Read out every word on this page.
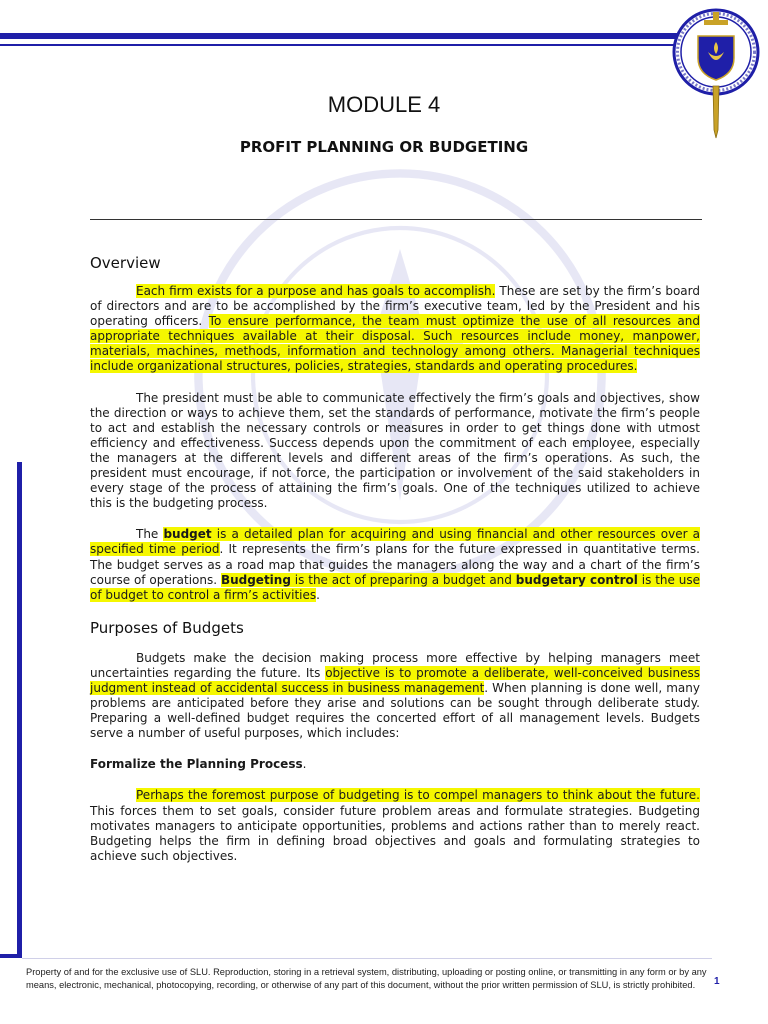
MODULE 4
PROFIT PLANNING OR BUDGETING
Overview

Each firm exists for a purpose and has goals to accomplish. These are set by the firm’s board of directors and are to be accomplished by the firm’s executive team, led by the President and his operating officers. To ensure performance, the team must optimize the use of all resources and appropriate techniques available at their disposal. Such resources include money, manpower, materials, machines, methods, information and technology among others. Managerial techniques include organizational structures, policies, strategies, standards and operating procedures.

The president must be able to communicate effectively the firm’s goals and objectives, show the direction or ways to achieve them, set the standards of performance, motivate the firm’s people to act and establish the necessary controls or measures in order to get things done with utmost efficiency and effectiveness. Success depends upon the commitment of each employee, especially the managers at the different levels and different areas of the firm’s operations. As such, the president must encourage, if not force, the participation or involvement of the said stakeholders in every stage of the process of attaining the firm’s goals. One of the techniques utilized to achieve this is the budgeting process.

The budget is a detailed plan for acquiring and using financial and other resources over a specified time period. It represents the firm’s plans for the future expressed in quantitative terms. The budget serves as a road map that guides the managers along the way and a chart of the firm’s course of operations. Budgeting is the act of preparing a budget and budgetary control is the use of budget to control a firm’s activities.

Purposes of Budgets

Budgets make the decision making process more effective by helping managers meet uncertainties regarding the future. Its objective is to promote a deliberate, well-conceived business judgment instead of accidental success in business management. When planning is done well, many problems are anticipated before they arise and solutions can be sought through deliberate study. Preparing a well-defined budget requires the concerted effort of all management levels. Budgets serve a number of useful purposes, which includes:

Formalize the Planning Process.

Perhaps the foremost purpose of budgeting is to compel managers to think about the future. This forces them to set goals, consider future problem areas and formulate strategies. Budgeting motivates managers to anticipate opportunities, problems and actions rather than to merely react. Budgeting helps the firm in defining broad objectives and goals and formulating strategies to achieve such objectives.

Property of and for the exclusive use of SLU. Reproduction, storing in a retrieval system, distributing, uploading or posting online, or transmitting in any form or by any means, electronic, mechanical, photocopying, recording, or otherwise of any part of this document, without the prior written permission of SLU, is strictly prohibited.	1
